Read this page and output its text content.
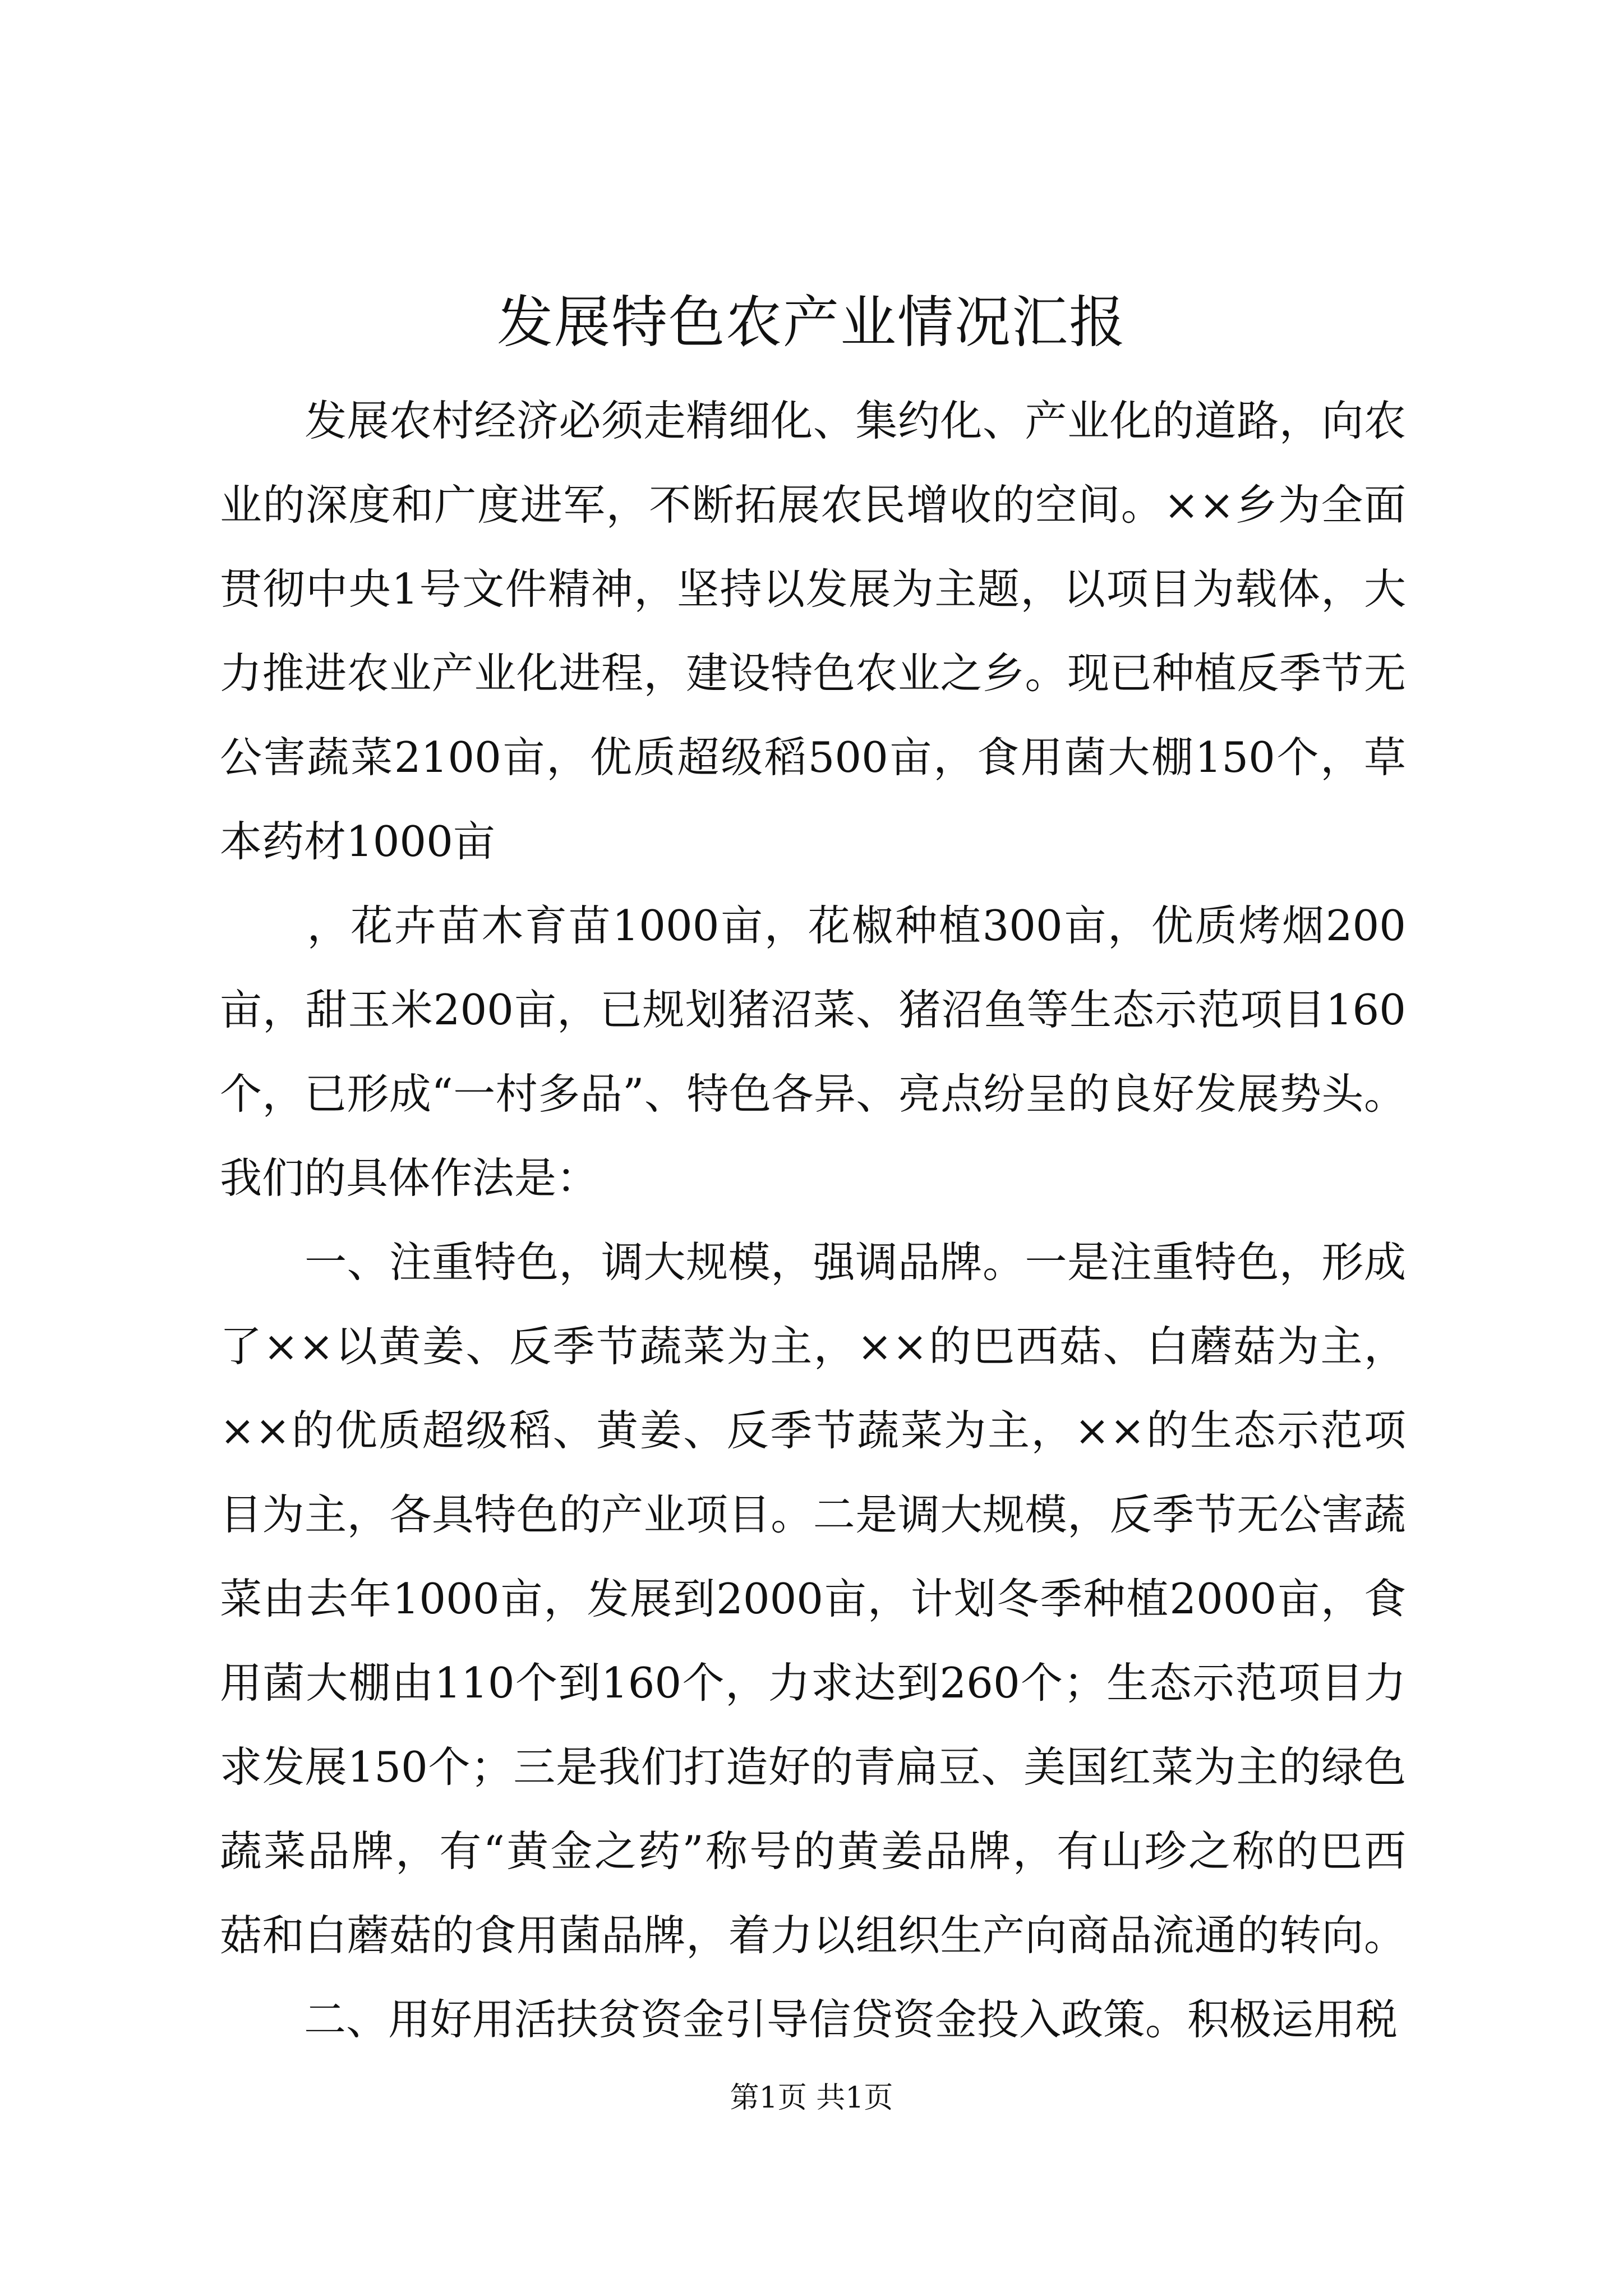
发展特色农产业情况汇报
　　发展农村经济必须走精细化、集约化、产业化的道路，向农
业的深度和广度进军，不断拓展农民增收的空间。××乡为全面
贯彻中央1号文件精神，坚持以发展为主题，以项目为载体，大
力推进农业产业化进程，建设特色农业之乡。现已种植反季节无
公害蔬菜2100亩，优质超级稻500亩，食用菌大棚150个，草
本药材1000亩
　　，花卉苗木育苗1000亩，花椒种植300亩，优质烤烟200
亩，甜玉米200亩，已规划猪沼菜、猪沼鱼等生态示范项目160
个，已形成“一村多品”、特色各异、亮点纷呈的良好发展势头。
我们的具体作法是：
　　一、注重特色，调大规模，强调品牌。一是注重特色，形成
了××以黄姜、反季节蔬菜为主，××的巴西菇、白蘑菇为主，
××的优质超级稻、黄姜、反季节蔬菜为主，××的生态示范项
目为主，各具特色的产业项目。二是调大规模，反季节无公害蔬
菜由去年1000亩，发展到2000亩，计划冬季种植2000亩，食
用菌大棚由110个到160个，力求达到260个；生态示范项目力
求发展150个；三是我们打造好的青扁豆、美国红菜为主的绿色
蔬菜品牌，有“黄金之药”称号的黄姜品牌，有山珍之称的巴西
菇和白蘑菇的食用菌品牌，着力以组织生产向商品流通的转向。
　　二、用好用活扶贫资金引导信贷资金投入政策。积极运用税
第1页 共1页
